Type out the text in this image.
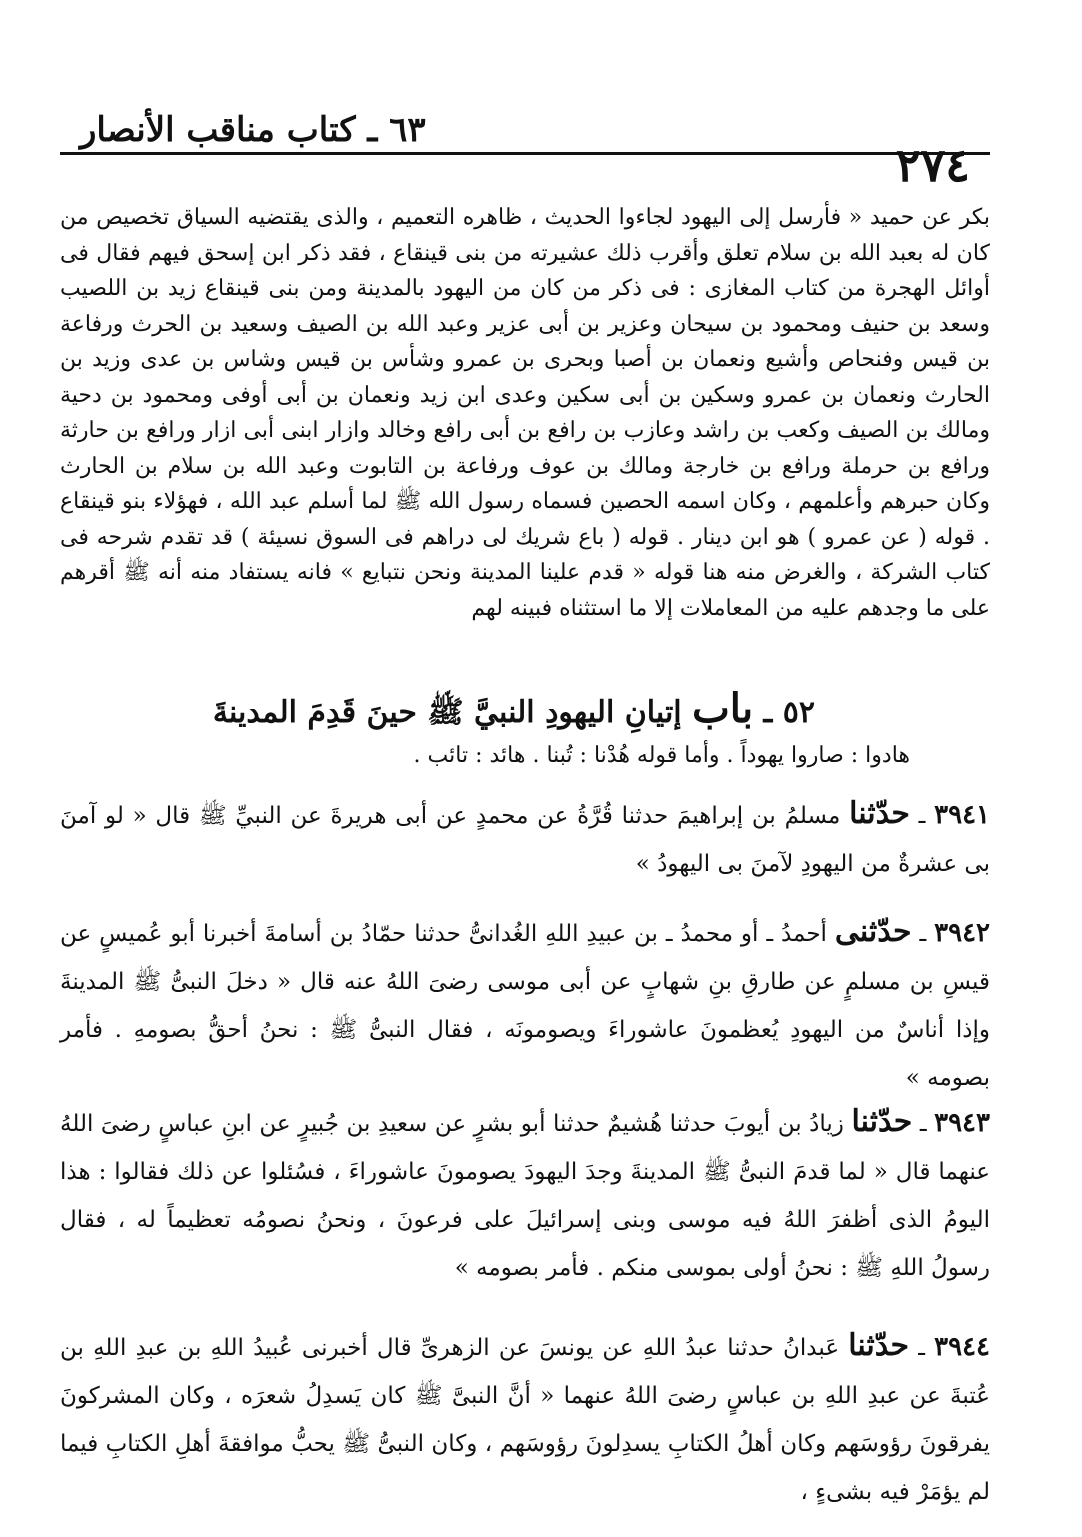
٦٣ ـ كتاب مناقب الأنصار
٢٧٤

بكر عن حميد « فأرسل إلى اليهود لجاءوا الحديث ، ظاهره التعميم ، والذى يقتضيه السياق تخصيص من كان له بعبد الله بن سلام تعلق وأقرب ذلك عشيرته من بنى قينقاع ، فقد ذكر ابن إسحق فيهم فقال فى أوائل الهجرة من كتاب المغازى : فى ذكر من كان من اليهود بالمدينة ومن بنى قينقاع زيد بن اللصيب وسعد بن حنيف ومحمود بن سيحان وعزير بن أبى عزير وعبد الله بن الصيف وسعيد بن الحرث ورفاعة بن قيس وفنحاص وأشيع ونعمان بن أصبا وبحرى بن عمرو وشأس بن قيس وشاس بن عدى وزيد بن الحارث ونعمان بن عمرو وسكين بن أبى سكين وعدى ابن زيد ونعمان بن أبى أوفى ومحمود بن دحية ومالك بن الصيف وكعب بن راشد وعازب بن رافع بن أبى رافع وخالد وازار ابنى أبى ازار ورافع بن حارثة ورافع بن حرملة ورافع بن خارجة ومالك بن عوف ورفاعة بن التابوت وعبد الله بن سلام بن الحارث وكان حبرهم وأعلمهم ، وكان اسمه الحصين فسماه رسول الله ﷺ لما أسلم عبد الله ، فهؤلاء بنو قينقاع . قوله ( عن عمرو ) هو ابن دينار . قوله ( باع شريك لى دراهم فى السوق نسيئة ) قد تقدم شرحه فى كتاب الشركة ، والغرض منه هنا قوله « قدم علينا المدينة ونحن نتبايع » فانه يستفاد منه أنه ﷺ أقرهم على ما وجدهم عليه من المعاملات إلا ما استثناه فبينه لهم

٥٢ ـ باب إتيانِ اليهودِ النبيَّ ﷺ حينَ قَدِمَ المدينةَ
هادوا : صاروا يهوداً . وأما قوله هُدْنا : تُبنا . هائد : تائب .

٣٩٤١ ـ حدّثنا مسلمُ بن إبراهيمَ حدثنا قُرَّةُ عن محمدٍ عن أبى هريرةَ عن النبيِّ ﷺ قال « لو آمنَ بى عشرةٌ من اليهودِ لآمنَ بى اليهودُ »

٣٩٤٢ ـ حدّثنى أحمدُ ـ أو محمدُ ـ بن عبيدِ اللهِ الغُدانىُّ حدثنا حمّادُ بن أسامةَ أخبرنا أبو عُميسٍ عن قيسِ بن مسلمٍ عن طارقِ بنِ شهابٍ عن أبى موسى رضىَ اللهُ عنه قال « دخلَ النبىُّ ﷺ المدينةَ وإذا أناسٌ من اليهودِ يُعظمونَ عاشوراءَ ويصومونَه ، فقال النبىُّ ﷺ : نحنُ أحقُّ بصومهِ . فأمر بصومه »

٣٩٤٣ ـ حدّثنا زيادُ بن أيوبَ حدثنا هُشيمٌ حدثنا أبو بشرٍ عن سعيدِ بن جُبيرٍ عن ابنِ عباسٍ رضىَ اللهُ عنهما قال « لما قدمَ النبىُّ ﷺ المدينةَ وجدَ اليهودَ يصومونَ عاشوراءَ ، فسُئلوا عن ذلك فقالوا : هذا اليومُ الذى أظفرَ اللهُ فيه موسى وبنى إسرائيلَ على فرعونَ ، ونحنُ نصومُه تعظيماً له ، فقال رسولُ اللهِ ﷺ : نحنُ أولى بموسى منكم . فأمر بصومه »

٣٩٤٤ ـ حدّثنا عَبدانُ حدثنا عبدُ اللهِ عن يونسَ عن الزهرىِّ قال أخبرنى عُبيدُ اللهِ بن عبدِ اللهِ بن عُتبةَ عن عبدِ اللهِ بن عباسٍ رضىَ اللهُ عنهما « أنَّ النبىَّ ﷺ كان يَسدِلُ شعرَه ، وكان المشركونَ يفرقونَ رؤوسَهم وكان أهلُ الكتابِ يسدِلونَ رؤوسَهم ، وكان النبىُّ ﷺ يحبُّ موافقةَ أهلِ الكتابِ فيما لم يؤمَرْ فيه بشىءٍ ،
